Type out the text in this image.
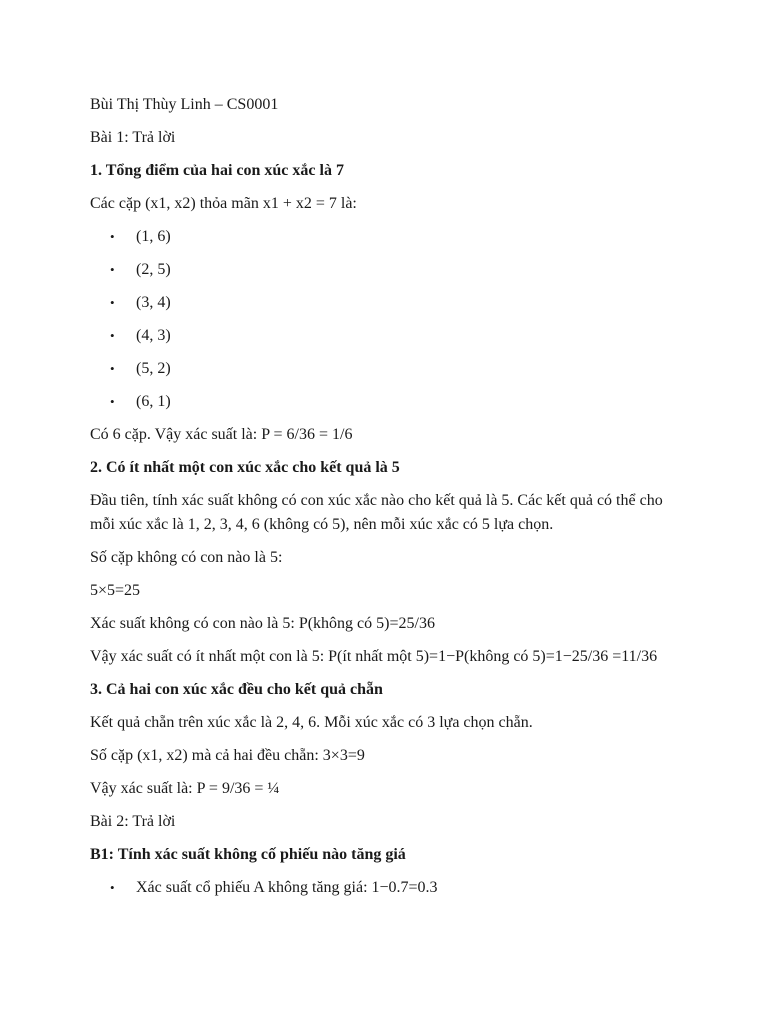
Bùi Thị Thùy Linh – CS0001

Bài 1: Trả lời

1. Tổng điểm của hai con xúc xắc là 7

Các cặp (x1, x2) thỏa mãn x1 + x2 = 7 là:

• (1, 6)
• (2, 5)
• (3, 4)
• (4, 3)
• (5, 2)
• (6, 1)

Có 6 cặp. Vậy xác suất là: P = 6/36 = 1/6

2. Có ít nhất một con xúc xắc cho kết quả là 5

Đầu tiên, tính xác suất không có con xúc xắc nào cho kết quả là 5. Các kết quả có thể cho mỗi xúc xắc là 1, 2, 3, 4, 6 (không có 5), nên mỗi xúc xắc có 5 lựa chọn.

Số cặp không có con nào là 5:

5×5=25

Xác suất không có con nào là 5: P(không có 5)=25/36

Vậy xác suất có ít nhất một con là 5: P(ít nhất một 5)=1−P(không có 5)=1−25/36 =11/36

3. Cả hai con xúc xắc đều cho kết quả chẵn

Kết quả chẵn trên xúc xắc là 2, 4, 6. Mỗi xúc xắc có 3 lựa chọn chẵn.

Số cặp (x1, x2) mà cả hai đều chẵn: 3×3=9

Vậy xác suất là: P = 9/36 = ¼

Bài 2: Trả lời

B1: Tính xác suất không cố phiếu nào tăng giá

• Xác suất cổ phiếu A không tăng giá: 1−0.7=0.3
